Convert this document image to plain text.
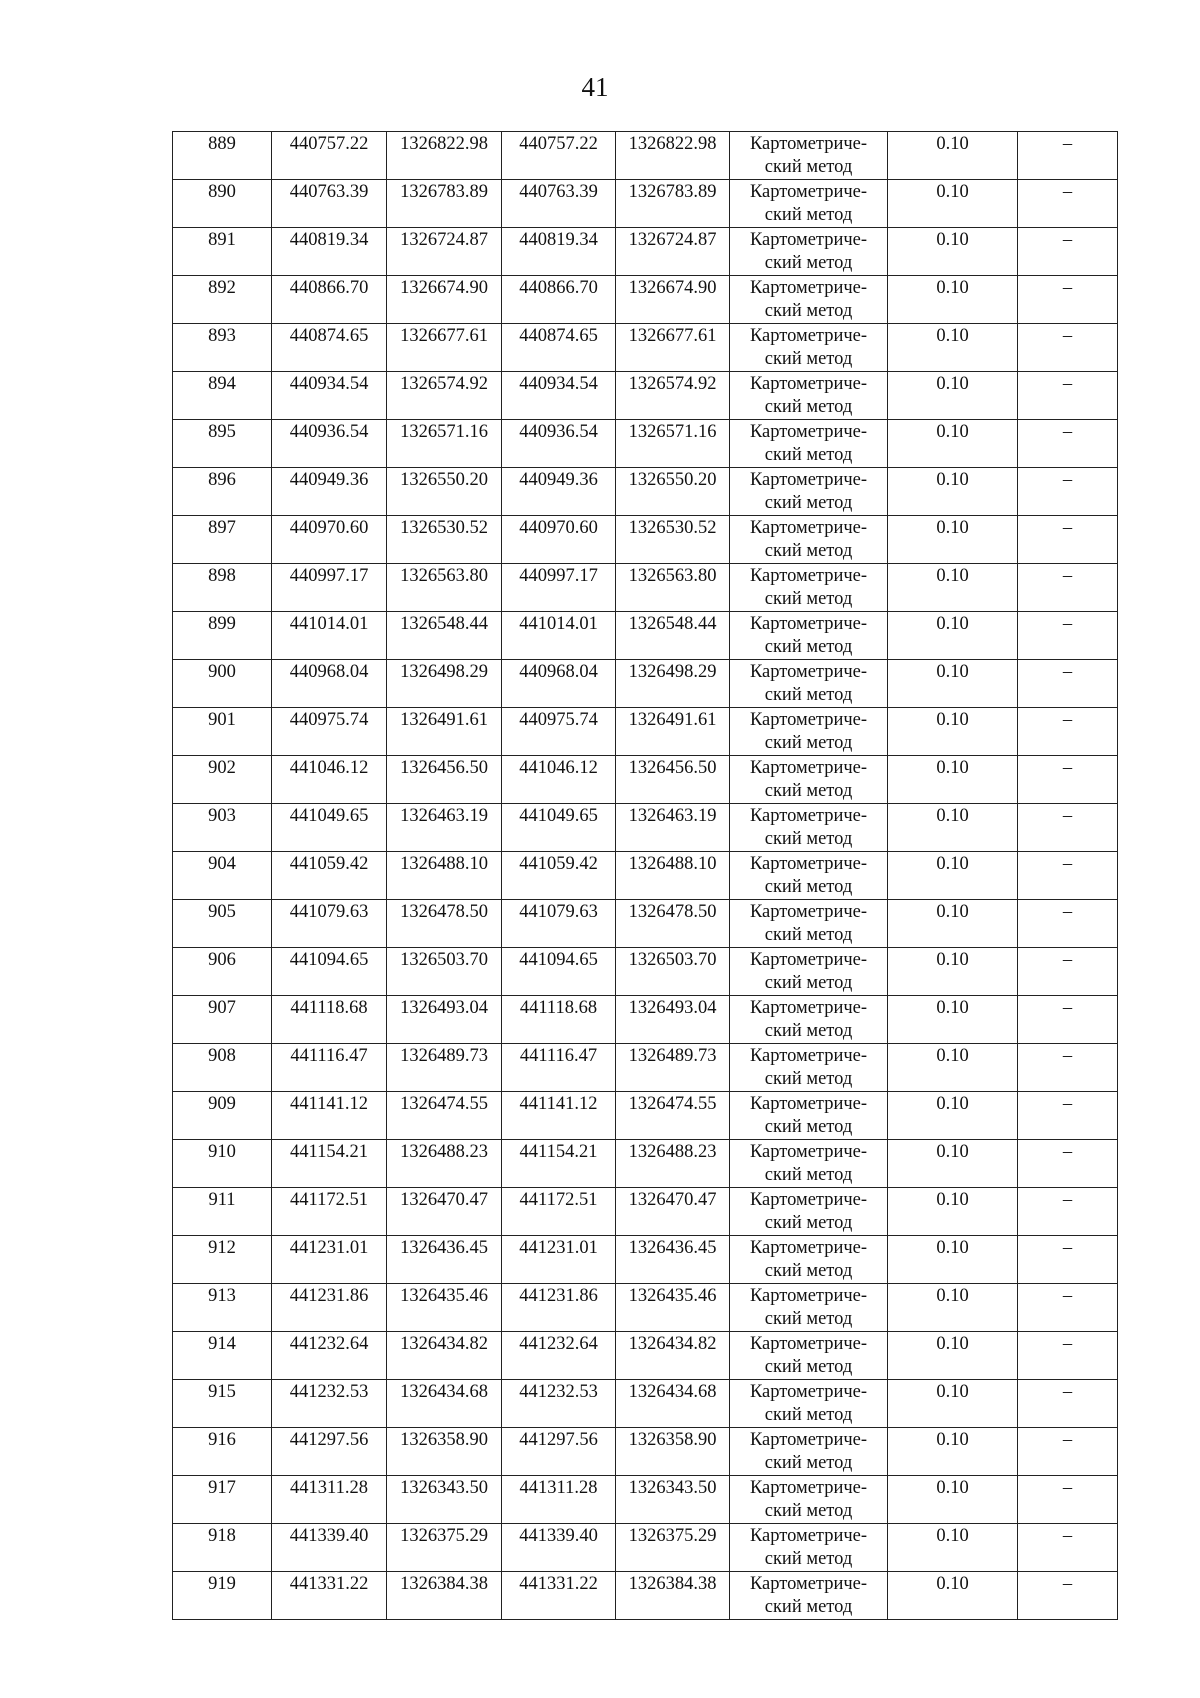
41
889	440757.22	1326822.98	440757.22	1326822.98	Картометриче-
ский метод	0.10	–
890	440763.39	1326783.89	440763.39	1326783.89	Картометриче-
ский метод	0.10	–
891	440819.34	1326724.87	440819.34	1326724.87	Картометриче-
ский метод	0.10	–
892	440866.70	1326674.90	440866.70	1326674.90	Картометриче-
ский метод	0.10	–
893	440874.65	1326677.61	440874.65	1326677.61	Картометриче-
ский метод	0.10	–
894	440934.54	1326574.92	440934.54	1326574.92	Картометриче-
ский метод	0.10	–
895	440936.54	1326571.16	440936.54	1326571.16	Картометриче-
ский метод	0.10	–
896	440949.36	1326550.20	440949.36	1326550.20	Картометриче-
ский метод	0.10	–
897	440970.60	1326530.52	440970.60	1326530.52	Картометриче-
ский метод	0.10	–
898	440997.17	1326563.80	440997.17	1326563.80	Картометриче-
ский метод	0.10	–
899	441014.01	1326548.44	441014.01	1326548.44	Картометриче-
ский метод	0.10	–
900	440968.04	1326498.29	440968.04	1326498.29	Картометриче-
ский метод	0.10	–
901	440975.74	1326491.61	440975.74	1326491.61	Картометриче-
ский метод	0.10	–
902	441046.12	1326456.50	441046.12	1326456.50	Картометриче-
ский метод	0.10	–
903	441049.65	1326463.19	441049.65	1326463.19	Картометриче-
ский метод	0.10	–
904	441059.42	1326488.10	441059.42	1326488.10	Картометриче-
ский метод	0.10	–
905	441079.63	1326478.50	441079.63	1326478.50	Картометриче-
ский метод	0.10	–
906	441094.65	1326503.70	441094.65	1326503.70	Картометриче-
ский метод	0.10	–
907	441118.68	1326493.04	441118.68	1326493.04	Картометриче-
ский метод	0.10	–
908	441116.47	1326489.73	441116.47	1326489.73	Картометриче-
ский метод	0.10	–
909	441141.12	1326474.55	441141.12	1326474.55	Картометриче-
ский метод	0.10	–
910	441154.21	1326488.23	441154.21	1326488.23	Картометриче-
ский метод	0.10	–
911	441172.51	1326470.47	441172.51	1326470.47	Картометриче-
ский метод	0.10	–
912	441231.01	1326436.45	441231.01	1326436.45	Картометриче-
ский метод	0.10	–
913	441231.86	1326435.46	441231.86	1326435.46	Картометриче-
ский метод	0.10	–
914	441232.64	1326434.82	441232.64	1326434.82	Картометриче-
ский метод	0.10	–
915	441232.53	1326434.68	441232.53	1326434.68	Картометриче-
ский метод	0.10	–
916	441297.56	1326358.90	441297.56	1326358.90	Картометриче-
ский метод	0.10	–
917	441311.28	1326343.50	441311.28	1326343.50	Картометриче-
ский метод	0.10	–
918	441339.40	1326375.29	441339.40	1326375.29	Картометриче-
ский метод	0.10	–
919	441331.22	1326384.38	441331.22	1326384.38	Картометриче-
ский метод	0.10	–
